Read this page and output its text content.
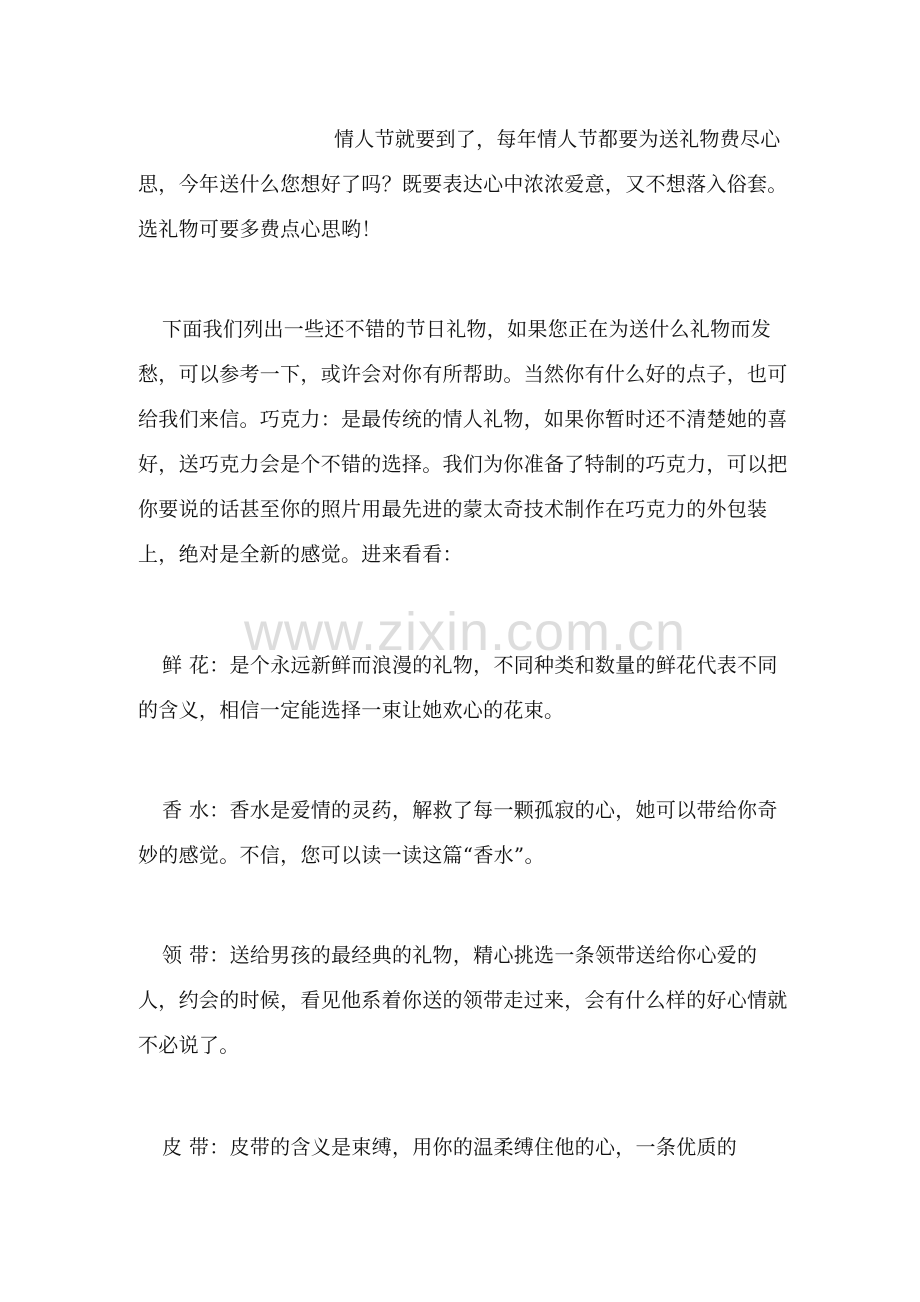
情人节就要到了，每年情人节都要为送礼物费尽心思，今年送什么您想好了吗？既要表达心中浓浓爱意，又不想落入俗套。选礼物可要多费点心思哟！

下面我们列出一些还不错的节日礼物，如果您正在为送什么礼物而发愁，可以参考一下，或许会对你有所帮助。当然你有什么好的点子，也可给我们来信。巧克力：是最传统的情人礼物，如果你暂时还不清楚她的喜好，送巧克力会是个不错的选择。我们为你准备了特制的巧克力，可以把你要说的话甚至你的照片用最先进的蒙太奇技术制作在巧克力的外包装上，绝对是全新的感觉。进来看看：

鲜 花：是个永远新鲜而浪漫的礼物，不同种类和数量的鲜花代表不同的含义，相信一定能选择一束让她欢心的花束。

香 水：香水是爱情的灵药，解救了每一颗孤寂的心，她可以带给你奇妙的感觉。不信，您可以读一读这篇“香水”。

领 带：送给男孩的最经典的礼物，精心挑选一条领带送给你心爱的人，约会的时候，看见他系着你送的领带走过来，会有什么样的好心情就不必说了。

皮 带：皮带的含义是束缚，用你的温柔缚住他的心，一条优质的

www.zixin.com.cn
